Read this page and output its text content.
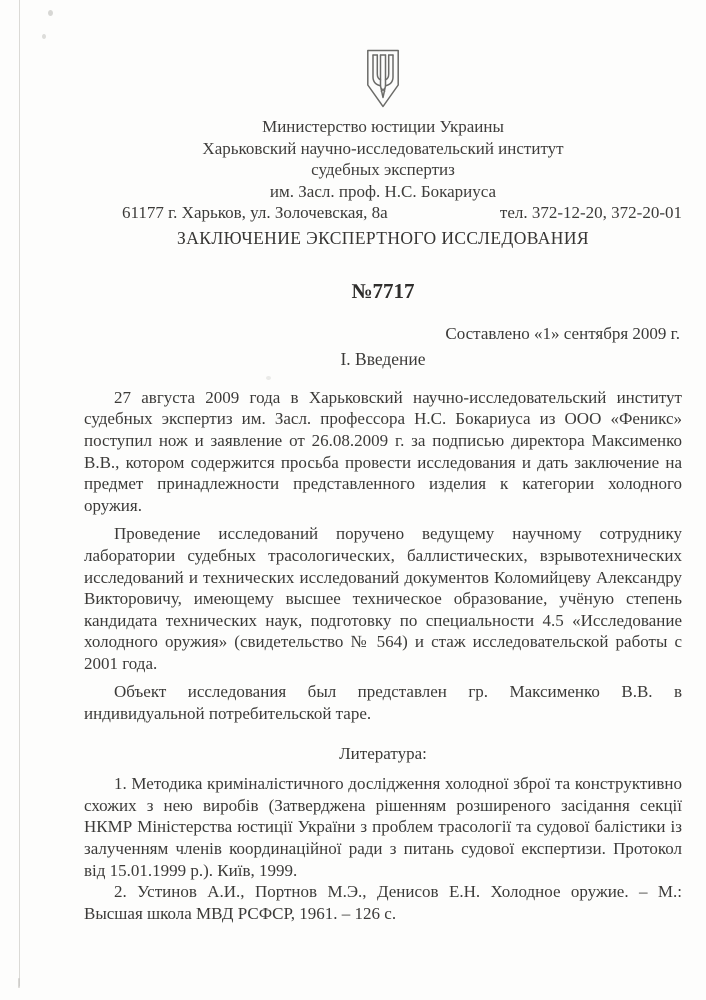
Министерство юстиции Украины
Харьковский научно-исследовательский институт
судебных экспертиз
им. Засл. проф. Н.С. Бокариуса
61177 г. Харьков, ул. Золочевская, 8а	тел. 372-12-20, 372-20-01
ЗАКЛЮЧЕНИЕ ЭКСПЕРТНОГО ИССЛЕДОВАНИЯ
№7717
Составлено «1» сентября 2009 г.
I. Введение

27 августа 2009 года в Харьковский научно-исследовательский институт судебных экспертиз им. Засл. профессора Н.С. Бокариуса из ООО «Феникс» поступил нож и заявление от 26.08.2009 г. за подписью директора Максименко В.В., котором содержится просьба провести исследования и дать заключение на предмет принадлежности представленного изделия к категории холодного оружия.

Проведение исследований поручено ведущему научному сотруднику лаборатории судебных трасологических, баллистических, взрывотехнических исследований и технических исследований документов Коломийцеву Александру Викторовичу, имеющему высшее техническое образование, учёную степень кандидата технических наук, подготовку по специальности 4.5 «Исследование холодного оружия» (свидетельство № 564) и стаж исследовательской работы с 2001 года.

Объект исследования был представлен гр. Максименко В.В. в индивидуальной потребительской таре.

Литература:

1. Методика криміналістичного дослідження холодної зброї та конструктивно схожих з нею виробів (Затверджена рішенням розширеного засідання секції НКМР Міністерства юстиції України з проблем трасології та судової балістики із залученням членів координаційної ради з питань судової експертизи. Протокол від 15.01.1999 р.). Київ, 1999.

2. Устинов А.И., Портнов М.Э., Денисов Е.Н. Холодное оружие. – М.: Высшая школа МВД РСФСР, 1961. – 126 с.
